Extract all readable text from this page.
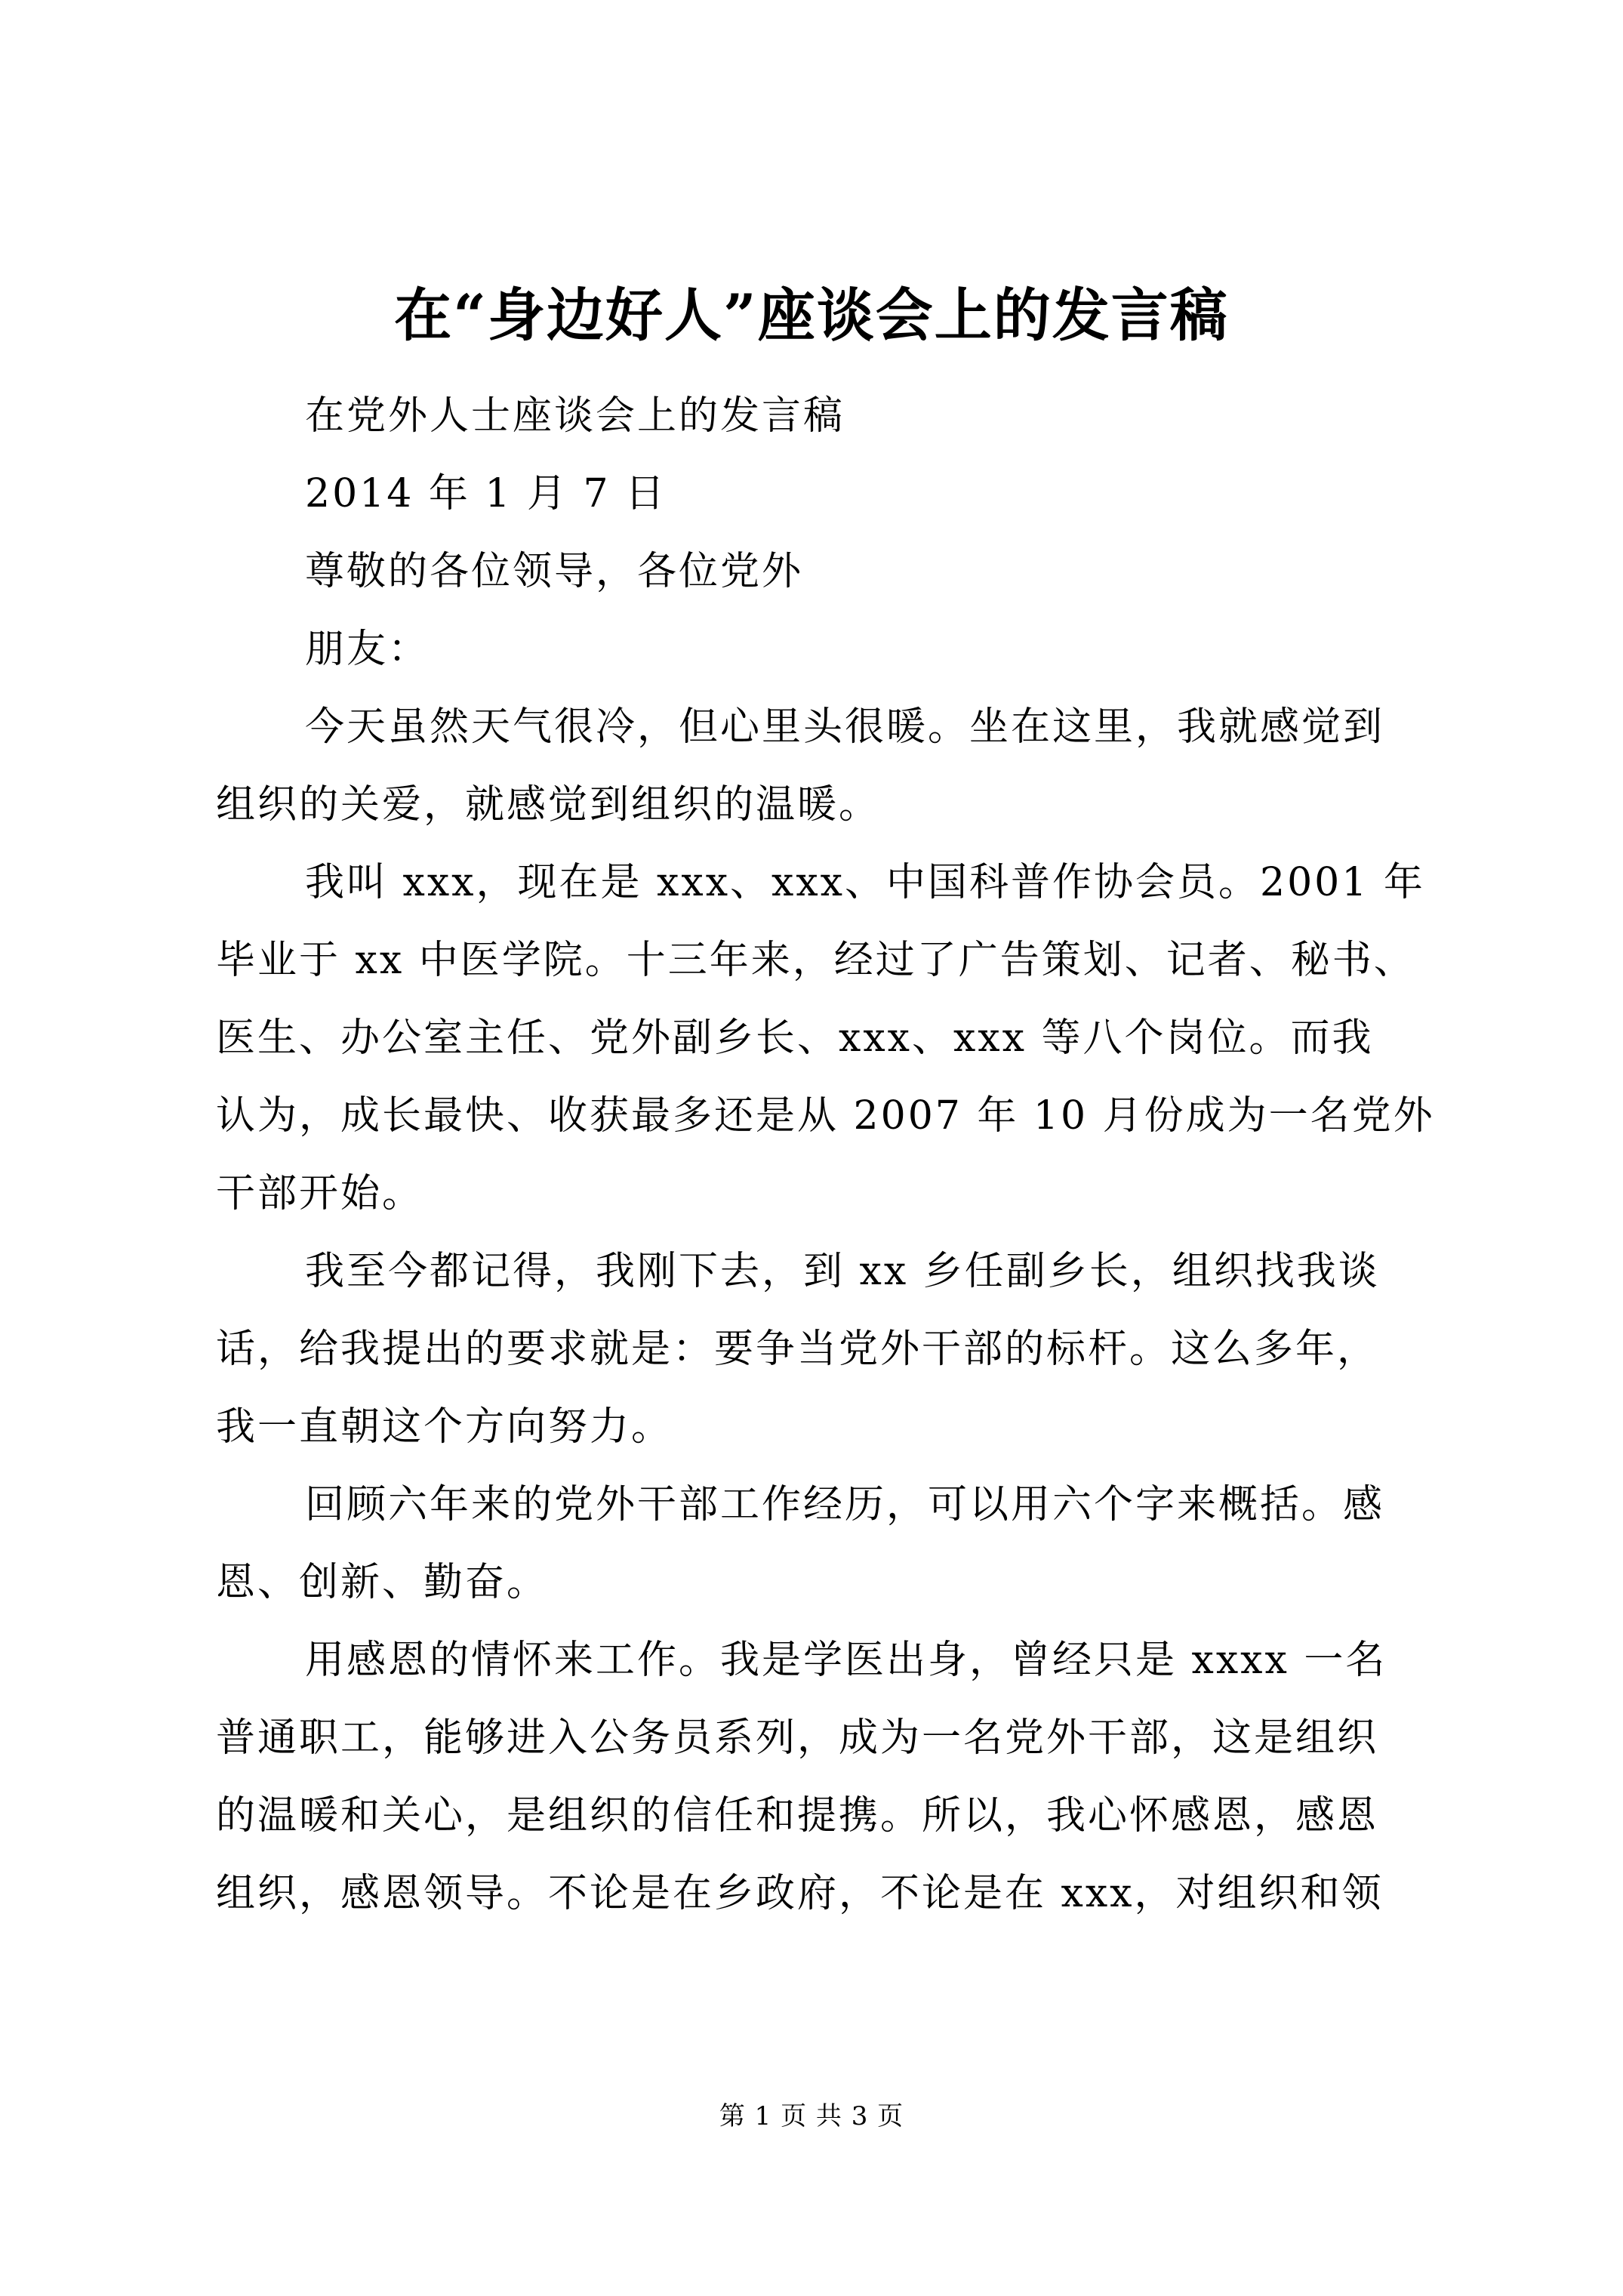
在“身边好人”座谈会上的发言稿
在党外人士座谈会上的发言稿
2014 年 1 月 7 日
尊敬的各位领导，各位党外
朋友：
今天虽然天气很冷，但心里头很暖。坐在这里，我就感觉到
组织的关爱，就感觉到组织的温暖。
我叫 xxx，现在是 xxx、xxx、中国科普作协会员。2001 年
毕业于 xx 中医学院。十三年来，经过了广告策划、记者、秘书、
医生、办公室主任、党外副乡长、xxx、xxx 等八个岗位。而我
认为，成长最快、收获最多还是从 2007 年 10 月份成为一名党外
干部开始。
我至今都记得，我刚下去，到 xx 乡任副乡长，组织找我谈
话，给我提出的要求就是：要争当党外干部的标杆。这么多年，
我一直朝这个方向努力。
回顾六年来的党外干部工作经历，可以用六个字来概括。感
恩、创新、勤奋。
用感恩的情怀来工作。我是学医出身，曾经只是 xxxx 一名
普通职工，能够进入公务员系列，成为一名党外干部，这是组织
的温暖和关心，是组织的信任和提携。所以，我心怀感恩，感恩
组织，感恩领导。不论是在乡政府，不论是在 xxx，对组织和领
第 1 页 共 3 页
